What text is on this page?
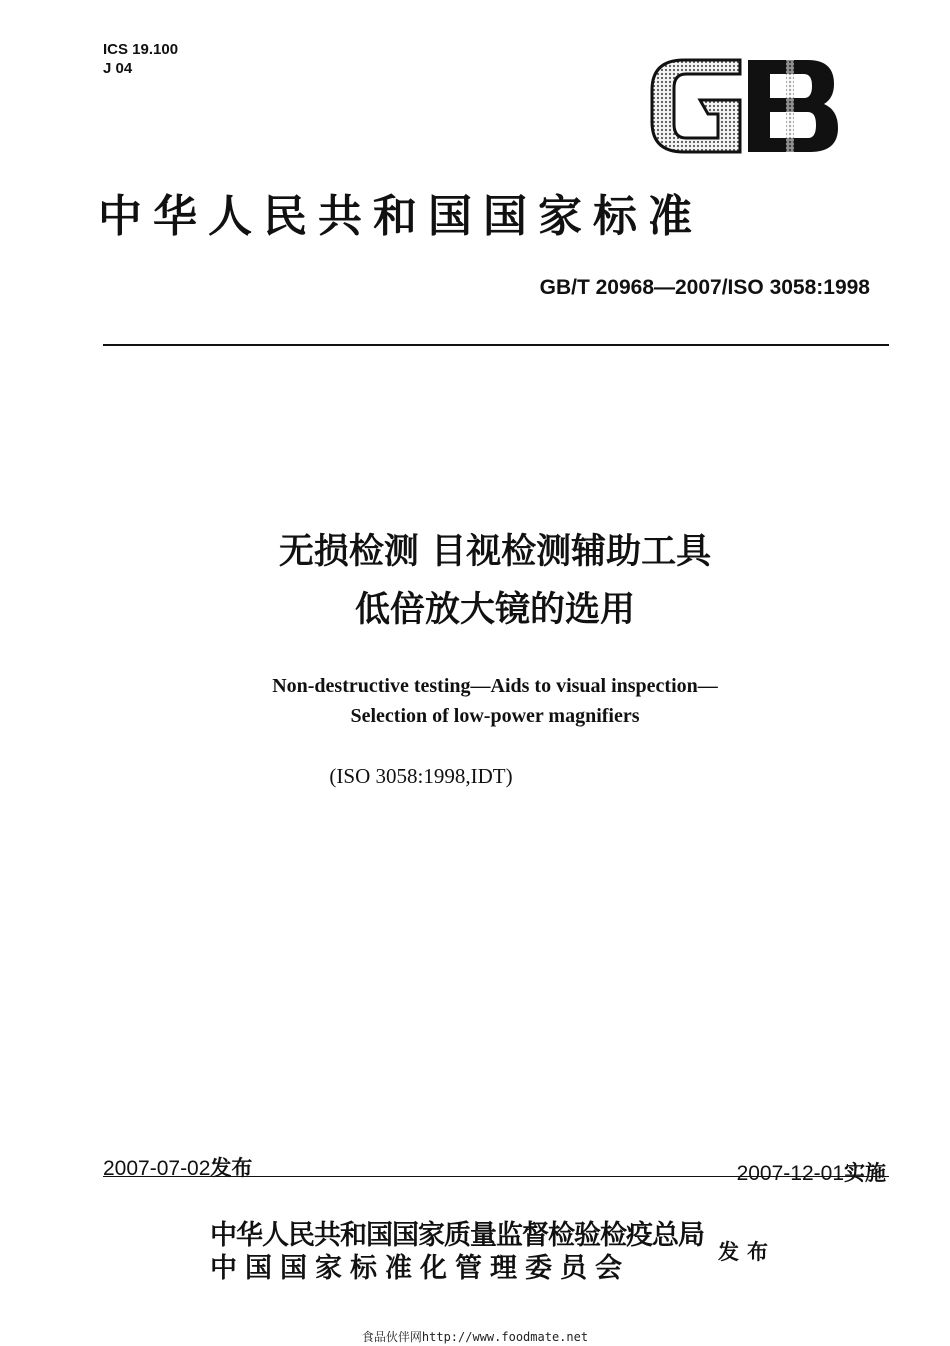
ICS 19.100
J 04
中华人民共和国国家标准
GB/T 20968—2007/ISO 3058:1998
无损检测 目视检测辅助工具
低倍放大镜的选用
Non-destructive testing—Aids to visual inspection—
Selection of low-power magnifiers
(ISO 3058:1998,IDT)
2007-07-02发布	2007-12-01实施
中华人民共和国国家质量监督检验检疫总局
中国国家标准化管理委员会
发布
食品伙伴网http://www.foodmate.net
